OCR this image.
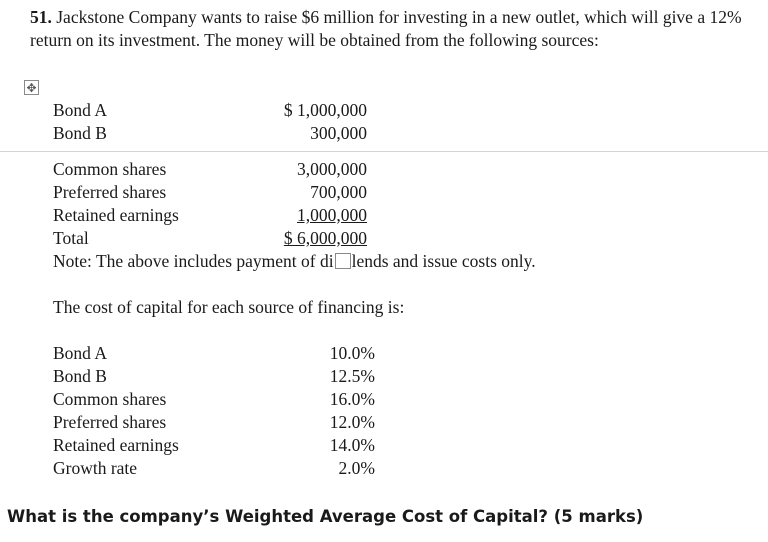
51. Jackstone Company wants to raise $6 million for investing in a new outlet, which will give a 12% return on its investment. The money will be obtained from the following sources:
✥
Bond A	$ 1,000,000
Bond B	300,000
Common shares	3,000,000
Preferred shares	700,000
Retained earnings	1,000,000
Total	$ 6,000,000
Note: The above includes payment of di lends and issue costs only.
The cost of capital for each source of financing is:
Bond A	10.0%
Bond B	12.5%
Common shares	16.0%
Preferred shares	12.0%
Retained earnings	14.0%
Growth rate	2.0%
What is the company’s Weighted Average Cost of Capital? (5 marks)
